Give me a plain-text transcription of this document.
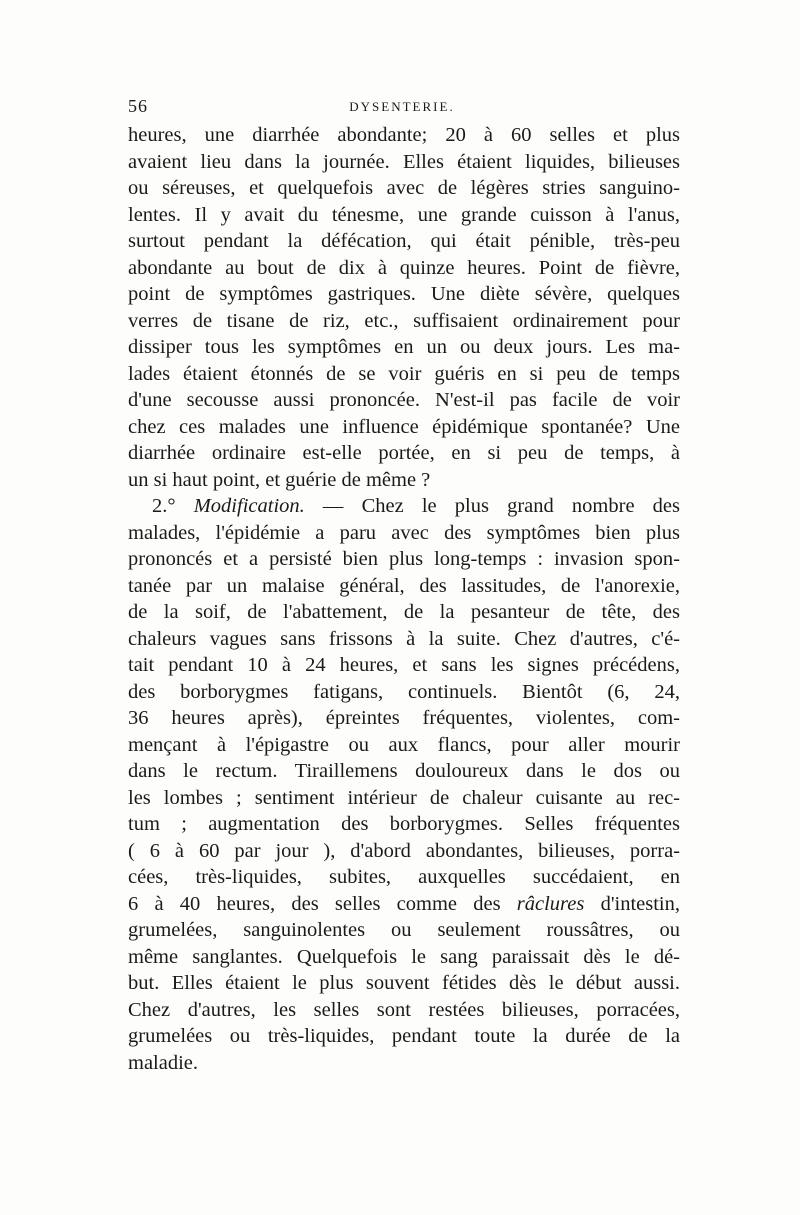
56	DYSENTERIE.
heures, une diarrhée abondante; 20 à 60 selles et plus
avaient lieu dans la journée. Elles étaient liquides, bilieuses
ou séreuses, et quelquefois avec de légères stries sanguino-
lentes. Il y avait du ténesme, une grande cuisson à l'anus,
surtout pendant la défécation, qui était pénible, très-peu
abondante au bout de dix à quinze heures. Point de fièvre,
point de symptômes gastriques. Une diète sévère, quelques
verres de tisane de riz, etc., suffisaient ordinairement pour
dissiper tous les symptômes en un ou deux jours. Les ma-
lades étaient étonnés de se voir guéris en si peu de temps
d'une secousse aussi prononcée. N'est-il pas facile de voir
chez ces malades une influence épidémique spontanée? Une
diarrhée ordinaire est-elle portée, en si peu de temps, à
un si haut point, et guérie de même ?
2.° Modification. — Chez le plus grand nombre des
malades, l'épidémie a paru avec des symptômes bien plus
prononcés et a persisté bien plus long-temps : invasion spon-
tanée par un malaise général, des lassitudes, de l'anorexie,
de la soif, de l'abattement, de la pesanteur de tête, des
chaleurs vagues sans frissons à la suite. Chez d'autres, c'é-
tait pendant 10 à 24 heures, et sans les signes précédens,
des borborygmes fatigans, continuels. Bientôt (6, 24,
36 heures après), épreintes fréquentes, violentes, com-
mençant à l'épigastre ou aux flancs, pour aller mourir
dans le rectum. Tiraillemens douloureux dans le dos ou
les lombes ; sentiment intérieur de chaleur cuisante au rec-
tum ; augmentation des borborygmes. Selles fréquentes
( 6 à 60 par jour ), d'abord abondantes, bilieuses, porra-
cées, très-liquides, subites, auxquelles succédaient, en
6 à 40 heures, des selles comme des râclures d'intestin,
grumelées, sanguinolentes ou seulement roussâtres, ou
même sanglantes. Quelquefois le sang paraissait dès le dé-
but. Elles étaient le plus souvent fétides dès le début aussi.
Chez d'autres, les selles sont restées bilieuses, porracées,
grumelées ou très-liquides, pendant toute la durée de la
maladie.
